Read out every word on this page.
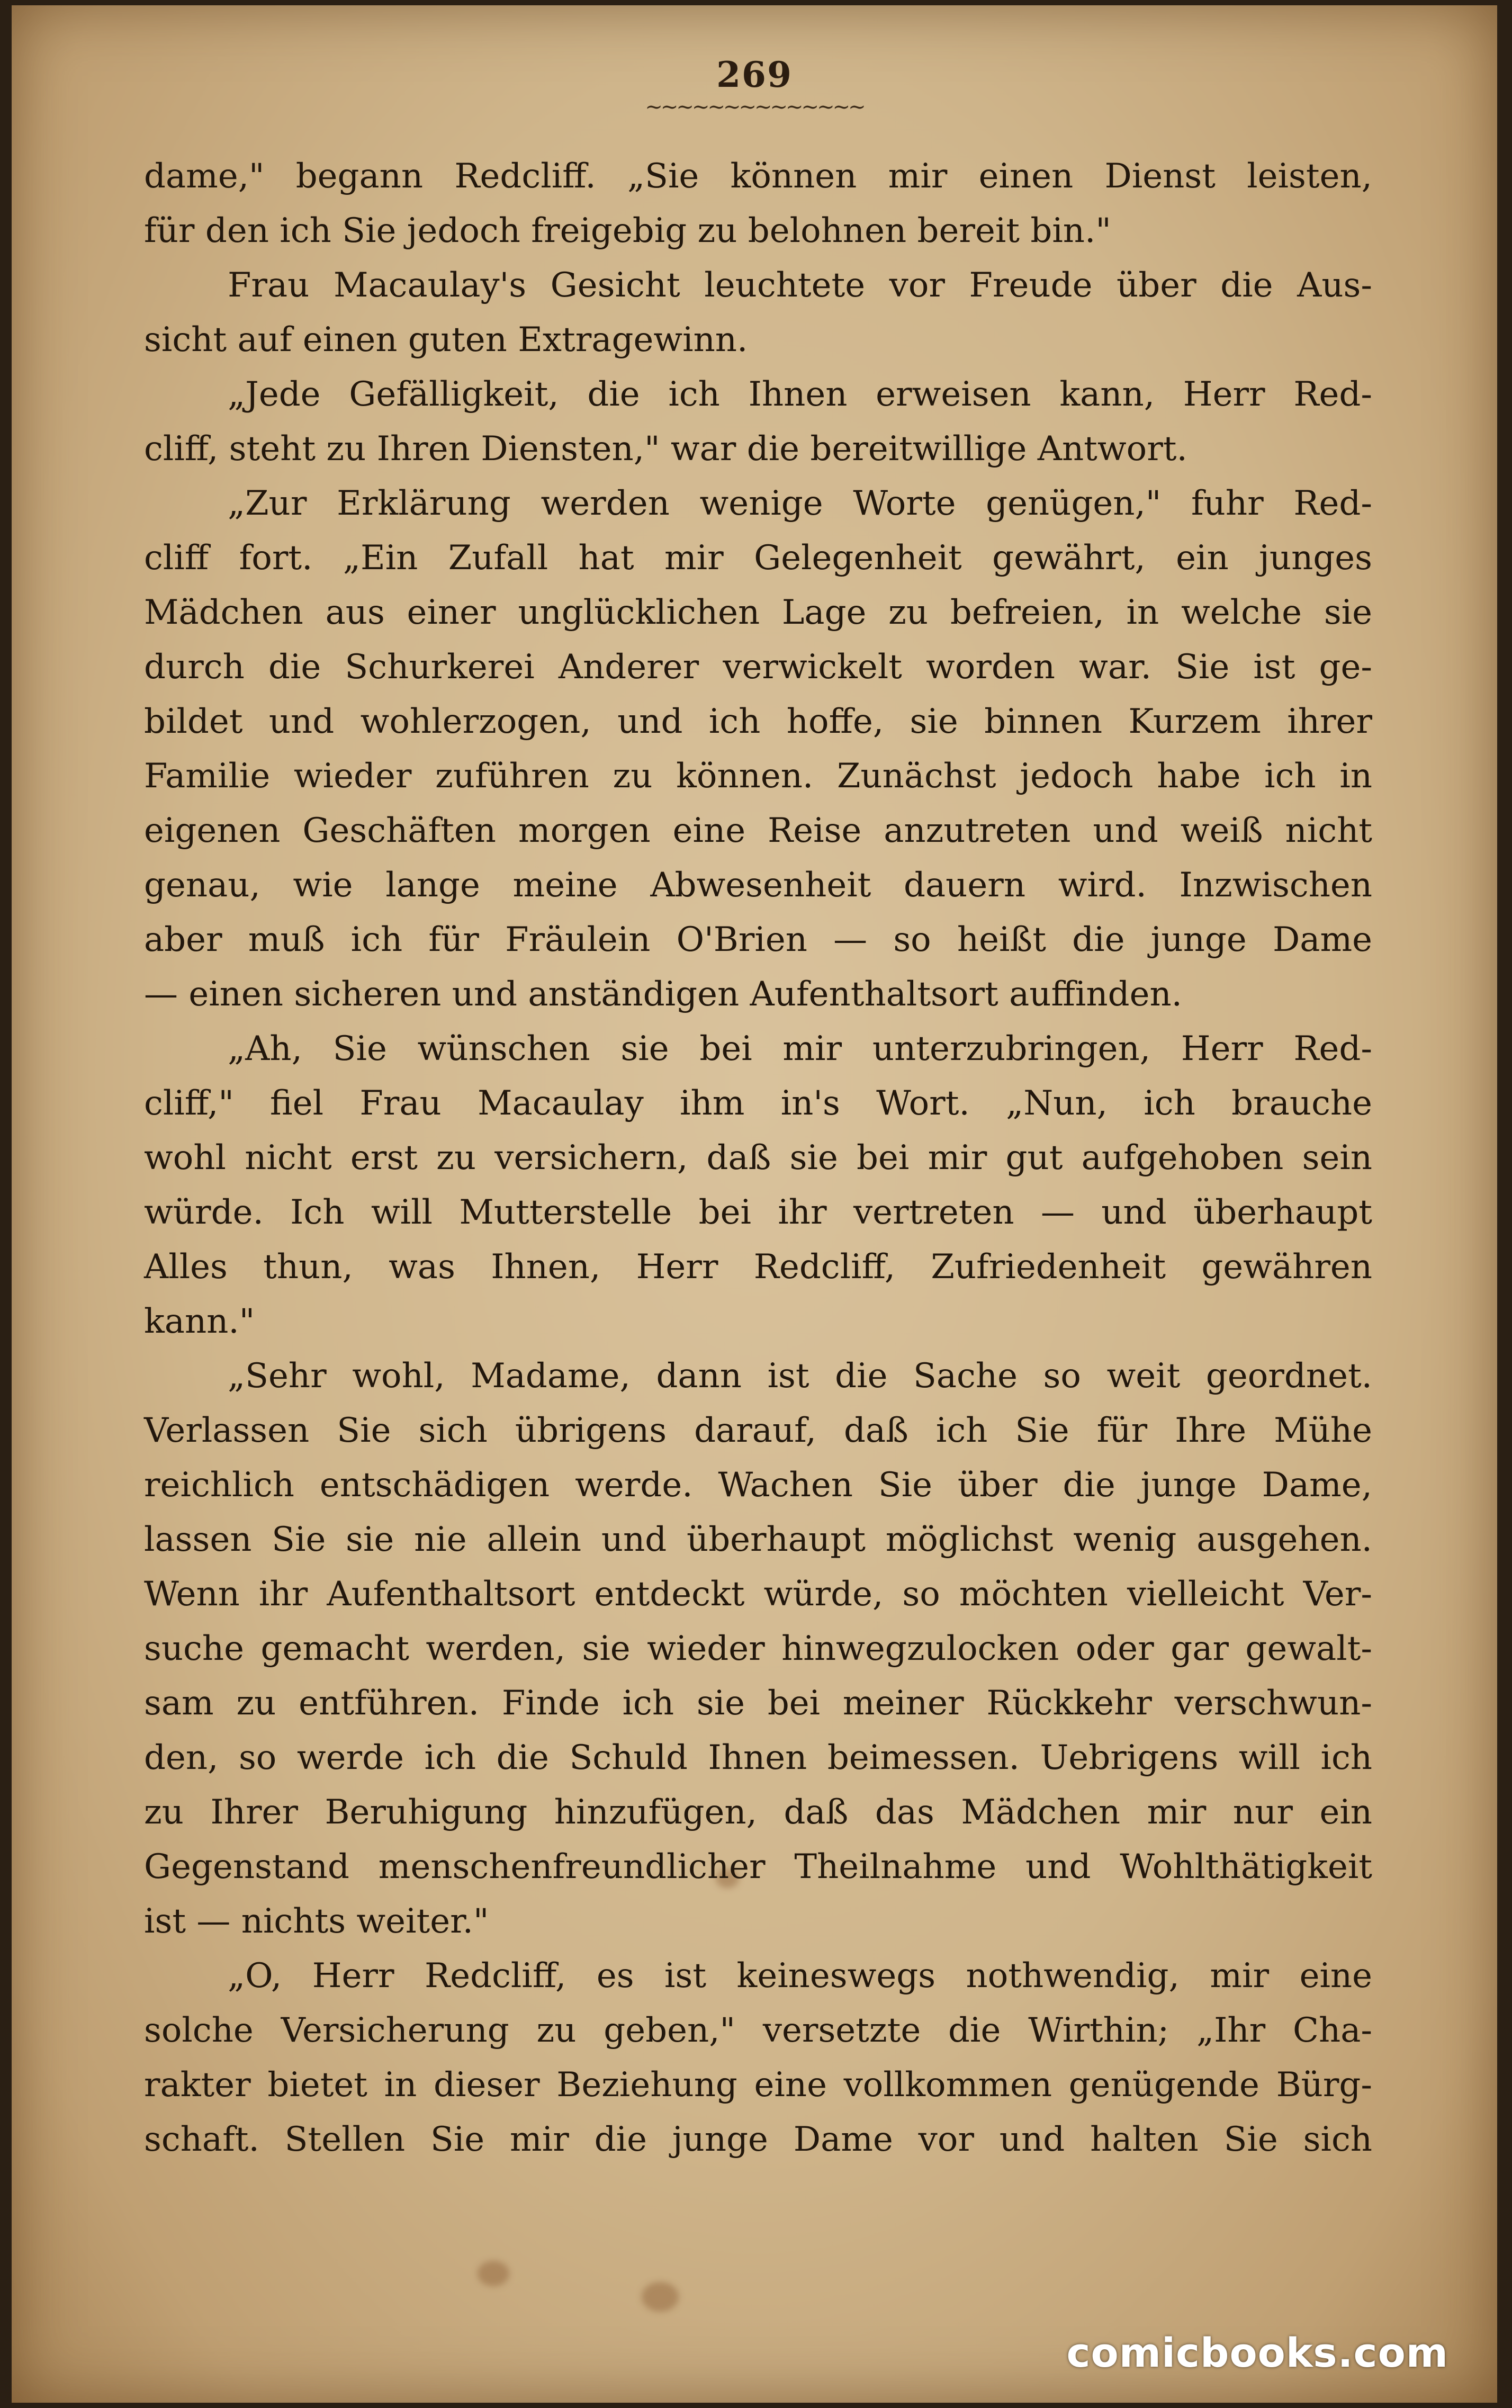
269
~~~~~~~~~~~~~~
dame," begann Redcliff. „Sie können mir einen Dienst leisten,
für den ich Sie jedoch freigebig zu belohnen bereit bin."
Frau Macaulay's Gesicht leuchtete vor Freude über die Aus-
sicht auf einen guten Extragewinn.
„Jede Gefälligkeit, die ich Ihnen erweisen kann, Herr Red-
cliff, steht zu Ihren Diensten," war die bereitwillige Antwort.
„Zur Erklärung werden wenige Worte genügen," fuhr Red-
cliff fort. „Ein Zufall hat mir Gelegenheit gewährt, ein junges
Mädchen aus einer unglücklichen Lage zu befreien, in welche sie
durch die Schurkerei Anderer verwickelt worden war. Sie ist ge-
bildet und wohlerzogen, und ich hoffe, sie binnen Kurzem ihrer
Familie wieder zuführen zu können. Zunächst jedoch habe ich in
eigenen Geschäften morgen eine Reise anzutreten und weiß nicht
genau, wie lange meine Abwesenheit dauern wird. Inzwischen
aber muß ich für Fräulein O'Brien — so heißt die junge Dame
— einen sicheren und anständigen Aufenthaltsort auffinden.
„Ah, Sie wünschen sie bei mir unterzubringen, Herr Red-
cliff," fiel Frau Macaulay ihm in's Wort. „Nun, ich brauche
wohl nicht erst zu versichern, daß sie bei mir gut aufgehoben sein
würde. Ich will Mutterstelle bei ihr vertreten — und überhaupt
Alles thun, was Ihnen, Herr Redcliff, Zufriedenheit gewähren
kann."
„Sehr wohl, Madame, dann ist die Sache so weit geordnet.
Verlassen Sie sich übrigens darauf, daß ich Sie für Ihre Mühe
reichlich entschädigen werde. Wachen Sie über die junge Dame,
lassen Sie sie nie allein und überhaupt möglichst wenig ausgehen.
Wenn ihr Aufenthaltsort entdeckt würde, so möchten vielleicht Ver-
suche gemacht werden, sie wieder hinwegzulocken oder gar gewalt-
sam zu entführen. Finde ich sie bei meiner Rückkehr verschwun-
den, so werde ich die Schuld Ihnen beimessen. Uebrigens will ich
zu Ihrer Beruhigung hinzufügen, daß das Mädchen mir nur ein
Gegenstand menschenfreundlicher Theilnahme und Wohlthätigkeit
ist — nichts weiter."
„O, Herr Redcliff, es ist keineswegs nothwendig, mir eine
solche Versicherung zu geben," versetzte die Wirthin; „Ihr Cha-
rakter bietet in dieser Beziehung eine vollkommen genügende Bürg-
schaft. Stellen Sie mir die junge Dame vor und halten Sie sich
comicbooks.com
